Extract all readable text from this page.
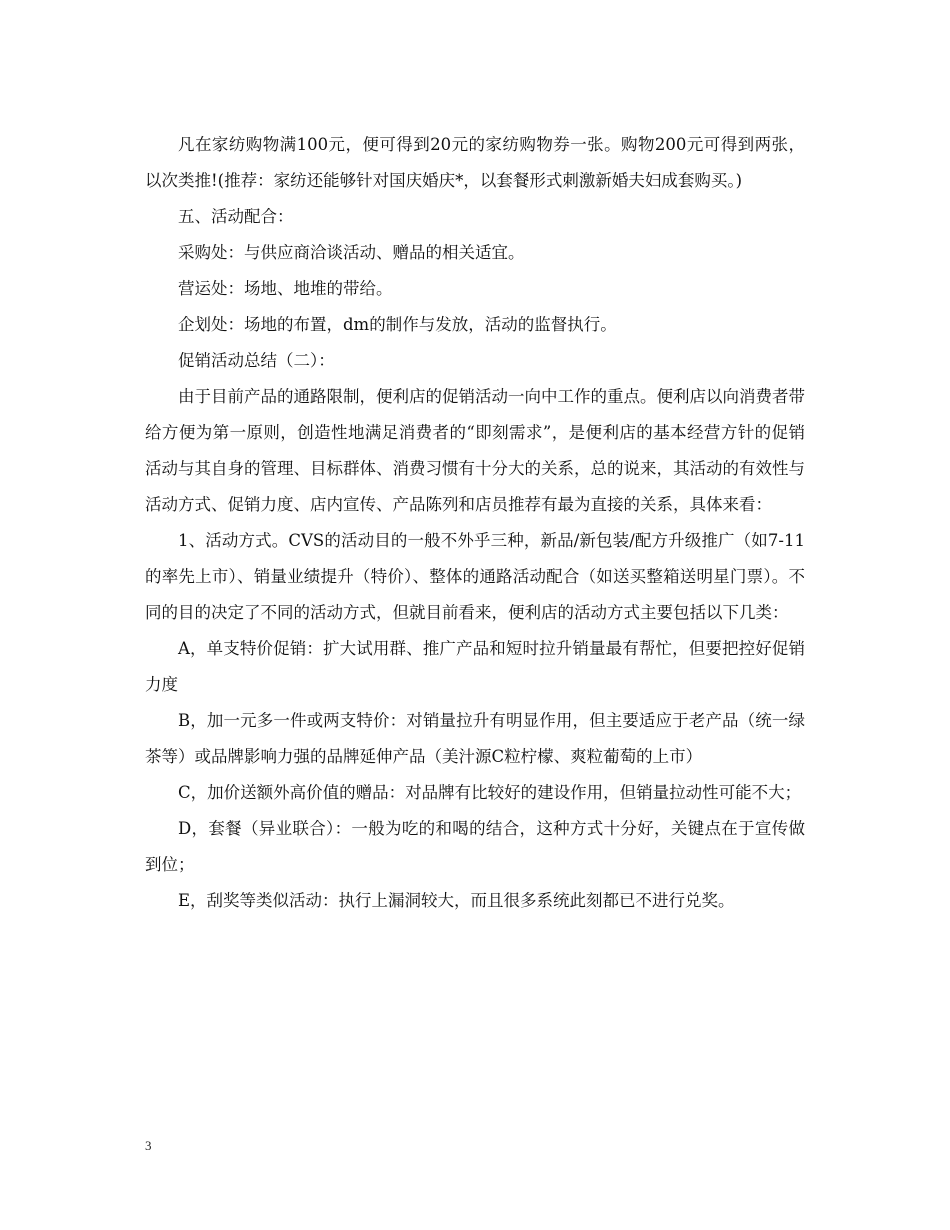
凡在家纺购物满100元，便可得到20元的家纺购物券一张。购物200元可得到两张，以次类推!(推荐：家纺还能够针对国庆婚庆*，以套餐形式刺激新婚夫妇成套购买。)

五、活动配合：

采购处：与供应商洽谈活动、赠品的相关适宜。

营运处：场地、地堆的带给。

企划处：场地的布置，dm的制作与发放，活动的监督执行。

促销活动总结（二）：

由于目前产品的通路限制，便利店的促销活动一向中工作的重点。便利店以向消费者带给方便为第一原则，创造性地满足消费者的“即刻需求”，是便利店的基本经营方针的促销活动与其自身的管理、目标群体、消费习惯有十分大的关系，总的说来，其活动的有效性与活动方式、促销力度、店内宣传、产品陈列和店员推荐有最为直接的关系，具体来看：

1、活动方式。CVS的活动目的一般不外乎三种，新品/新包装/配方升级推广（如7-11的率先上市）、销量业绩提升（特价）、整体的通路活动配合（如送买整箱送明星门票）。不同的目的决定了不同的活动方式，但就目前看来，便利店的活动方式主要包括以下几类：

A，单支特价促销：扩大试用群、推广产品和短时拉升销量最有帮忙，但要把控好促销力度

B，加一元多一件或两支特价：对销量拉升有明显作用，但主要适应于老产品（统一绿茶等）或品牌影响力强的品牌延伸产品（美汁源C粒柠檬、爽粒葡萄的上市）

C，加价送额外高价值的赠品：对品牌有比较好的建设作用，但销量拉动性可能不大；

D，套餐（异业联合）：一般为吃的和喝的结合，这种方式十分好，关键点在于宣传做到位；

E，刮奖等类似活动：执行上漏洞较大，而且很多系统此刻都已不进行兑奖。

3
